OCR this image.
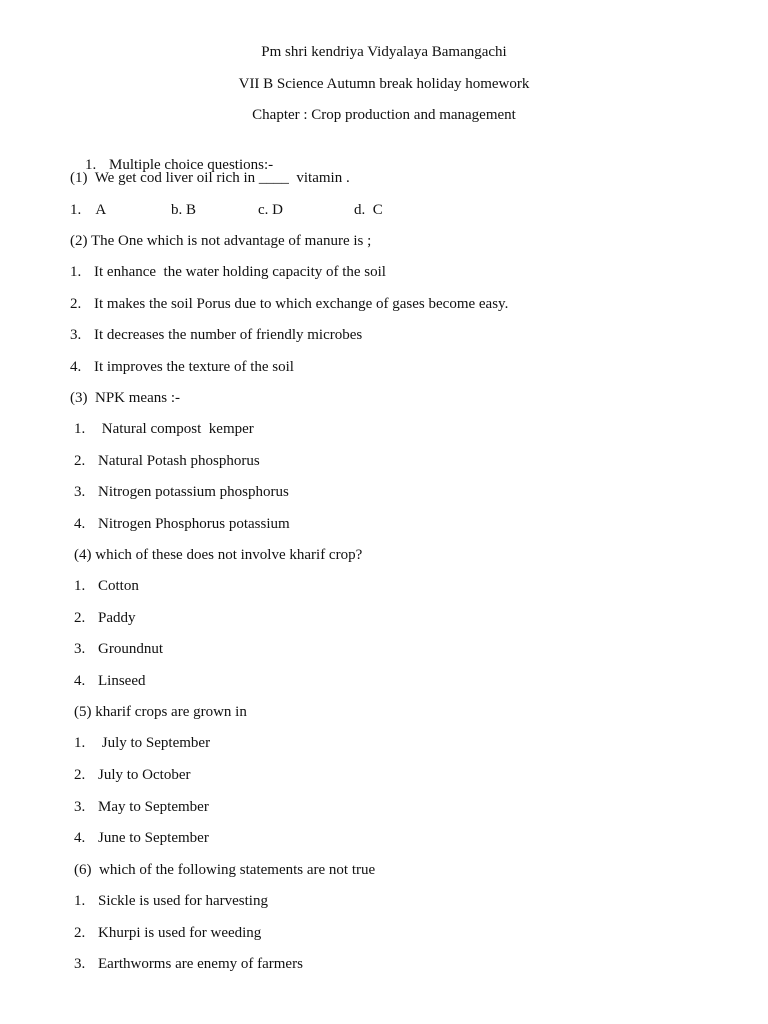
Pm shri kendriya Vidyalaya Bamangachi
VII B Science Autumn break holiday homework
Chapter : Crop production and management

1. Multiple choice questions:-

(1)  We get cod liver oil rich in ____  vitamin .
1.    A	b. B	c. D	d.  C
(2) The One which is not advantage of manure is ;
1. It enhance  the water holding capacity of the soil
2. It makes the soil Porus due to which exchange of gases become easy.
3. It decreases the number of friendly microbes
4. It improves the texture of the soil
(3)  NPK means :-
1. Natural compost  kemper
2. Natural Potash phosphorus
3. Nitrogen potassium phosphorus
4. Nitrogen Phosphorus potassium
(4) which of these does not involve kharif crop?
1. Cotton
2. Paddy
3. Groundnut
4. Linseed
(5) kharif crops are grown in
1. July to September
2. July to October
3. May to September
4. June to September
(6)  which of the following statements are not true
1. Sickle is used for harvesting
2. Khurpi is used for weeding
3. Earthworms are enemy of farmers
